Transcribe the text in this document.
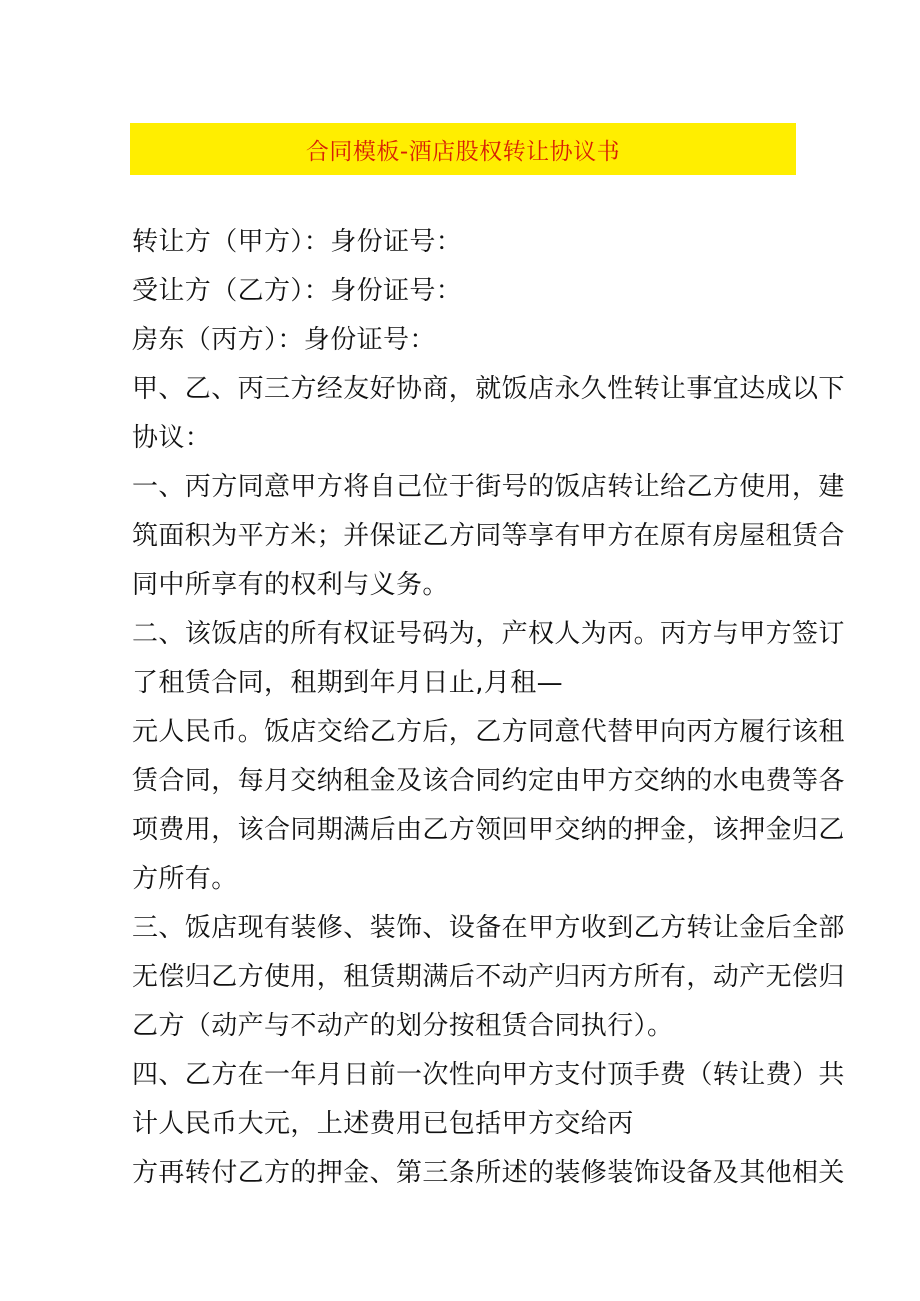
合同模板-酒店股权转让协议书
转让方（甲方）：身份证号：
受让方（乙方）：身份证号：
房东（丙方）：身份证号：
甲、乙、丙三方经友好协商，就饭店永久性转让事宜达成以下
协议：
一、丙方同意甲方将自己位于街号的饭店转让给乙方使用，建
筑面积为平方米；并保证乙方同等享有甲方在原有房屋租赁合
同中所享有的权利与义务。
二、该饭店的所有权证号码为，产权人为丙。丙方与甲方签订
了租赁合同，租期到年月日止,月租—
元人民币。饭店交给乙方后，乙方同意代替甲向丙方履行该租
赁合同，每月交纳租金及该合同约定由甲方交纳的水电费等各
项费用，该合同期满后由乙方领回甲交纳的押金，该押金归乙
方所有。
三、饭店现有装修、装饰、设备在甲方收到乙方转让金后全部
无偿归乙方使用，租赁期满后不动产归丙方所有，动产无偿归
乙方（动产与不动产的划分按租赁合同执行）。
四、乙方在一年月日前一次性向甲方支付顶手费（转让费）共
计人民币大元，上述费用已包括甲方交给丙
方再转付乙方的押金、第三条所述的装修装饰设备及其他相关
